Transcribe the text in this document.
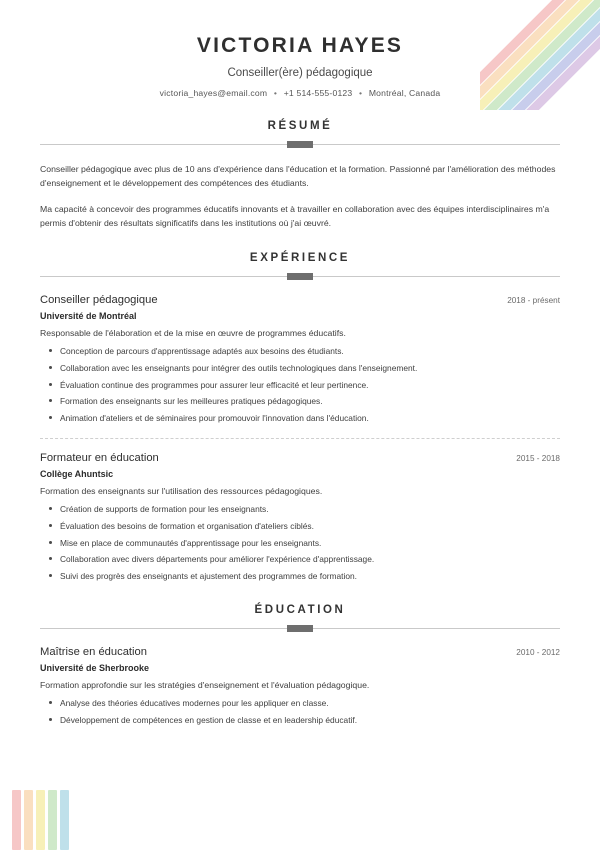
VICTORIA HAYES
Conseiller(ère) pédagogique
victoria_hayes@email.com • +1 514-555-0123 • Montréal, Canada
RÉSUMÉ

Conseiller pédagogique avec plus de 10 ans d'expérience dans l'éducation et la formation. Passionné par l'amélioration des méthodes d'enseignement et le développement des compétences des étudiants.

Ma capacité à concevoir des programmes éducatifs innovants et à travailler en collaboration avec des équipes interdisciplinaires m'a permis d'obtenir des résultats significatifs dans les institutions où j'ai œuvré.

EXPÉRIENCE
Conseiller pédagogique	2018 - présent
Université de Montréal
Responsable de l'élaboration et de la mise en œuvre de programmes éducatifs.
Conception de parcours d'apprentissage adaptés aux besoins des étudiants.
Collaboration avec les enseignants pour intégrer des outils technologiques dans l'enseignement.
Évaluation continue des programmes pour assurer leur efficacité et leur pertinence.
Formation des enseignants sur les meilleures pratiques pédagogiques.
Animation d'ateliers et de séminaires pour promouvoir l'innovation dans l'éducation.
Formateur en éducation	2015 - 2018
Collège Ahuntsic
Formation des enseignants sur l'utilisation des ressources pédagogiques.
Création de supports de formation pour les enseignants.
Évaluation des besoins de formation et organisation d'ateliers ciblés.
Mise en place de communautés d'apprentissage pour les enseignants.
Collaboration avec divers départements pour améliorer l'expérience d'apprentissage.
Suivi des progrès des enseignants et ajustement des programmes de formation.
ÉDUCATION
Maîtrise en éducation	2010 - 2012
Université de Sherbrooke
Formation approfondie sur les stratégies d'enseignement et l'évaluation pédagogique.
Analyse des théories éducatives modernes pour les appliquer en classe.
Développement de compétences en gestion de classe et en leadership éducatif.
